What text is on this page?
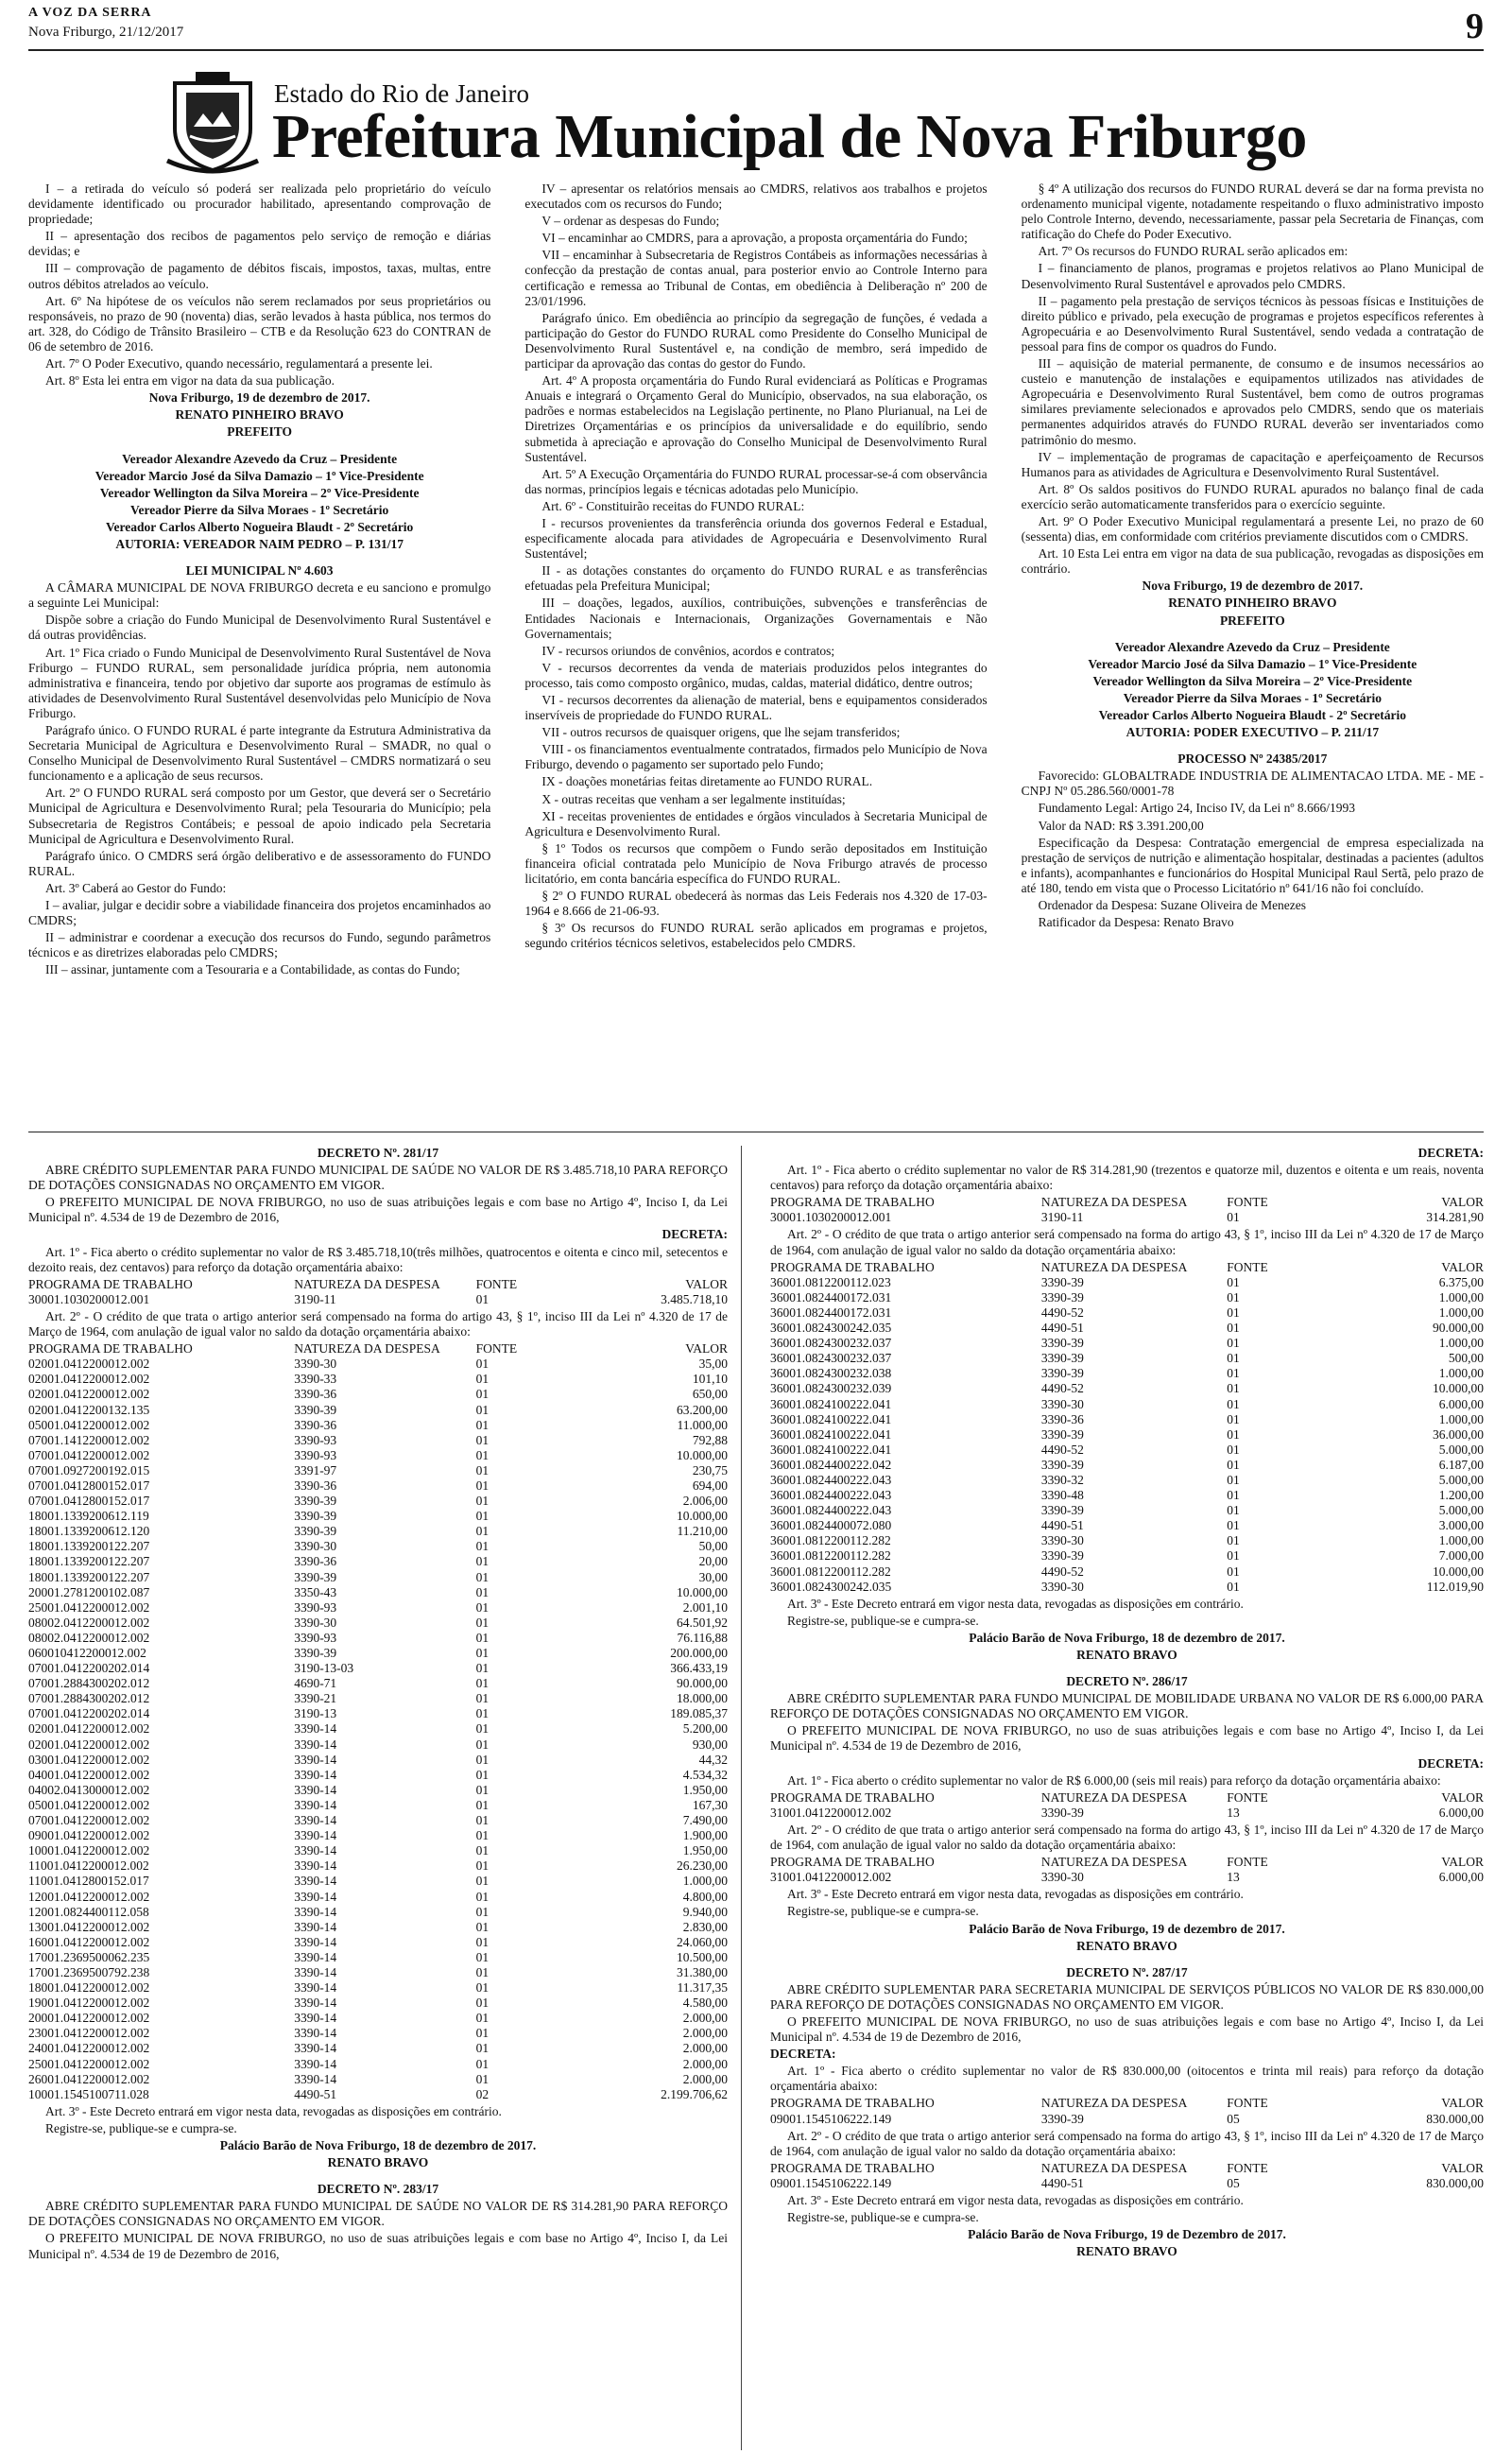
A VOZ DA SERRA
Nova Friburgo, 21/12/2017	9
Estado do Rio de Janeiro
Prefeitura Municipal de Nova Friburgo

I – a retirada do veículo só poderá ser realizada pelo proprietário do veículo devidamente identificado ou procurador habilitado, apresentando comprovação de propriedade;

II – apresentação dos recibos de pagamentos pelo serviço de remoção e diárias devidas; e

III – comprovação de pagamento de débitos fiscais, impostos, taxas, multas, entre outros débitos atrelados ao veículo.

Art. 6º Na hipótese de os veículos não serem reclamados por seus proprietários ou responsáveis, no prazo de 90 (noventa) dias, serão levados à hasta pública, nos termos do art. 328, do Código de Trânsito Brasileiro – CTB e da Resolução 623 do CONTRAN de 06 de setembro de 2016.

Art. 7º O Poder Executivo, quando necessário, regulamentará a presente lei.

Art. 8º Esta lei entra em vigor na data da sua publicação.

Nova Friburgo, 19 de dezembro de 2017.

RENATO PINHEIRO BRAVO

PREFEITO

Vereador Alexandre Azevedo da Cruz – Presidente

Vereador Marcio José da Silva Damazio – 1º Vice-Presidente

Vereador Wellington da Silva Moreira – 2º Vice-Presidente

Vereador Pierre da Silva Moraes - 1º Secretário

Vereador Carlos Alberto Nogueira Blaudt - 2º Secretário

AUTORIA: VEREADOR NAIM PEDRO – P. 131/17

LEI MUNICIPAL Nº 4.603

A CÂMARA MUNICIPAL DE NOVA FRIBURGO decreta e eu sanciono e promulgo a seguinte Lei Municipal:

Dispõe sobre a criação do Fundo Municipal de Desenvolvimento Rural Sustentável e dá outras providências.

Art. 1º Fica criado o Fundo Municipal de Desenvolvimento Rural Sustentável de Nova Friburgo – FUNDO RURAL, sem personalidade jurídica própria, nem autonomia administrativa e financeira, tendo por objetivo dar suporte aos programas de estímulo às atividades de Desenvolvimento Rural Sustentável desenvolvidas pelo Município de Nova Friburgo.

Parágrafo único. O FUNDO RURAL é parte integrante da Estrutura Administrativa da Secretaria Municipal de Agricultura e Desenvolvimento Rural – SMADR, no qual o Conselho Municipal de Desenvolvimento Rural Sustentável – CMDRS normatizará o seu funcionamento e a aplicação de seus recursos.

Art. 2º O FUNDO RURAL será composto por um Gestor, que deverá ser o Secretário Municipal de Agricultura e Desenvolvimento Rural; pela Tesouraria do Município; pela Subsecretaria de Registros Contábeis; e pessoal de apoio indicado pela Secretaria Municipal de Agricultura e Desenvolvimento Rural.

Parágrafo único. O CMDRS será órgão deliberativo e de assessoramento do FUNDO RURAL.

Art. 3º Caberá ao Gestor do Fundo:

I – avaliar, julgar e decidir sobre a viabilidade financeira dos projetos encaminhados ao CMDRS;

II – administrar e coordenar a execução dos recursos do Fundo, segundo parâmetros técnicos e as diretrizes elaboradas pelo CMDRS;

III – assinar, juntamente com a Tesouraria e a Contabilidade, as contas do Fundo;

IV – apresentar os relatórios mensais ao CMDRS, relativos aos trabalhos e projetos executados com os recursos do Fundo;

V – ordenar as despesas do Fundo;

VI – encaminhar ao CMDRS, para a aprovação, a proposta orçamentária do Fundo;

VII – encaminhar à Subsecretaria de Registros Contábeis as informações necessárias à confecção da prestação de contas anual, para posterior envio ao Controle Interno para certificação e remessa ao Tribunal de Contas, em obediência à Deliberação nº 200 de 23/01/1996.

Parágrafo único. Em obediência ao princípio da segregação de funções, é vedada a participação do Gestor do FUNDO RURAL como Presidente do Conselho Municipal de Desenvolvimento Rural Sustentável e, na condição de membro, será impedido de participar da aprovação das contas do gestor do Fundo.

Art. 4º A proposta orçamentária do Fundo Rural evidenciará as Políticas e Programas Anuais e integrará o Orçamento Geral do Município, observados, na sua elaboração, os padrões e normas estabelecidos na Legislação pertinente, no Plano Plurianual, na Lei de Diretrizes Orçamentárias e os princípios da universalidade e do equilíbrio, sendo submetida à apreciação e aprovação do Conselho Municipal de Desenvolvimento Rural Sustentável.

Art. 5º A Execução Orçamentária do FUNDO RURAL processar-se-á com observância das normas, princípios legais e técnicas adotadas pelo Município.

Art. 6º - Constituirão receitas do FUNDO RURAL:

I - recursos provenientes da transferência oriunda dos governos Federal e Estadual, especificamente alocada para atividades de Agropecuária e Desenvolvimento Rural Sustentável;

II - as dotações constantes do orçamento do FUNDO RURAL e as transferências efetuadas pela Prefeitura Municipal;

III – doações, legados, auxílios, contribuições, subvenções e transferências de Entidades Nacionais e Internacionais, Organizações Governamentais e Não Governamentais;

IV - recursos oriundos de convênios, acordos e contratos;

V - recursos decorrentes da venda de materiais produzidos pelos integrantes do processo, tais como composto orgânico, mudas, caldas, material didático, dentre outros;

VI - recursos decorrentes da alienação de material, bens e equipamentos considerados inservíveis de propriedade do FUNDO RURAL.

VII - outros recursos de quaisquer origens, que lhe sejam transferidos;

VIII - os financiamentos eventualmente contratados, firmados pelo Município de Nova Friburgo, devendo o pagamento ser suportado pelo Fundo;

IX - doações monetárias feitas diretamente ao FUNDO RURAL.

X - outras receitas que venham a ser legalmente instituídas;

XI - receitas provenientes de entidades e órgãos vinculados à Secretaria Municipal de Agricultura e Desenvolvimento Rural.

§ 1º Todos os recursos que compõem o Fundo serão depositados em Instituição financeira oficial contratada pelo Município de Nova Friburgo através de processo licitatório, em conta bancária específica do FUNDO RURAL.

§ 2º O FUNDO RURAL obedecerá às normas das Leis Federais nos 4.320 de 17-03-1964 e 8.666 de 21-06-93.

§ 3º Os recursos do FUNDO RURAL serão aplicados em programas e projetos, segundo critérios técnicos seletivos, estabelecidos pelo CMDRS.

§ 4º A utilização dos recursos do FUNDO RURAL deverá se dar na forma prevista no ordenamento municipal vigente, notadamente respeitando o fluxo administrativo imposto pelo Controle Interno, devendo, necessariamente, passar pela Secretaria de Finanças, com ratificação do Chefe do Poder Executivo.

Art. 7º Os recursos do FUNDO RURAL serão aplicados em:

I – financiamento de planos, programas e projetos relativos ao Plano Municipal de Desenvolvimento Rural Sustentável e aprovados pelo CMDRS.

II – pagamento pela prestação de serviços técnicos às pessoas físicas e Instituições de direito público e privado, pela execução de programas e projetos específicos referentes à Agropecuária e ao Desenvolvimento Rural Sustentável, sendo vedada a contratação de pessoal para fins de compor os quadros do Fundo.

III – aquisição de material permanente, de consumo e de insumos necessários ao custeio e manutenção de instalações e equipamentos utilizados nas atividades de Agropecuária e Desenvolvimento Rural Sustentável, bem como de outros programas similares previamente selecionados e aprovados pelo CMDRS, sendo que os materiais permanentes adquiridos através do FUNDO RURAL deverão ser inventariados como patrimônio do mesmo.

IV – implementação de programas de capacitação e aperfeiçoamento de Recursos Humanos para as atividades de Agricultura e Desenvolvimento Rural Sustentável.

Art. 8º Os saldos positivos do FUNDO RURAL apurados no balanço final de cada exercício serão automaticamente transferidos para o exercício seguinte.

Art. 9º O Poder Executivo Municipal regulamentará a presente Lei, no prazo de 60 (sessenta) dias, em conformidade com critérios previamente discutidos com o CMDRS.

Art. 10 Esta Lei entra em vigor na data de sua publicação, revogadas as disposições em contrário.

Nova Friburgo, 19 de dezembro de 2017.

RENATO PINHEIRO BRAVO

PREFEITO

Vereador Alexandre Azevedo da Cruz – Presidente

Vereador Marcio José da Silva Damazio – 1º Vice-Presidente

Vereador Wellington da Silva Moreira – 2º Vice-Presidente

Vereador Pierre da Silva Moraes - 1º Secretário

Vereador Carlos Alberto Nogueira Blaudt - 2º Secretário

AUTORIA: PODER EXECUTIVO – P. 211/17

PROCESSO Nº 24385/2017

Favorecido: GLOBALTRADE INDUSTRIA DE ALIMENTACAO LTDA. ME - ME - CNPJ Nº 05.286.560/0001-78

Fundamento Legal: Artigo 24, Inciso IV, da Lei nº 8.666/1993

Valor da NAD: R$ 3.391.200,00

Especificação da Despesa: Contratação emergencial de empresa especializada na prestação de serviços de nutrição e alimentação hospitalar, destinadas a pacientes (adultos e infants), acompanhantes e funcionários do Hospital Municipal Raul Sertã, pelo prazo de até 180, tendo em vista que o Processo Licitatório nº 641/16 não foi concluído.

Ordenador da Despesa: Suzane Oliveira de Menezes

Ratificador da Despesa: Renato Bravo

DECRETO Nº. 281/17

ABRE CRÉDITO SUPLEMENTAR PARA FUNDO MUNICIPAL DE SAÚDE NO VALOR DE R$ 3.485.718,10 PARA REFORÇO DE DOTAÇÕES CONSIGNADAS NO ORÇAMENTO EM VIGOR.

O PREFEITO MUNICIPAL DE NOVA FRIBURGO, no uso de suas atribuições legais e com base no Artigo 4º, Inciso I, da Lei Municipal nº. 4.534 de 19 de Dezembro de 2016,

DECRETA:

Art. 1º - Fica aberto o crédito suplementar no valor de R$ 3.485.718,10(três milhões, quatrocentos e oitenta e cinco mil, setecentos e dezoito reais, dez centavos) para reforço da dotação orçamentária abaixo:

PROGRAMA DE TRABALHO	NATUREZA DA DESPESA	FONTE	VALOR
30001.1030200012.001	3190-11	01	3.485.718,10

Art. 2º - O crédito de que trata o artigo anterior será compensado na forma do artigo 43, § 1º, inciso III da Lei nº 4.320 de 17 de Março de 1964, com anulação de igual valor no saldo da dotação orçamentária abaixo:

PROGRAMA DE TRABALHO	NATUREZA DA DESPESA	FONTE	VALOR
02001.0412200012.002	3390-30	01	35,00
02001.0412200012.002	3390-33	01	101,10
02001.0412200012.002	3390-36	01	650,00
02001.0412200132.135	3390-39	01	63.200,00
05001.0412200012.002	3390-36	01	11.000,00
07001.1412200012.002	3390-93	01	792,88
07001.0412200012.002	3390-93	01	10.000,00
07001.0927200192.015	3391-97	01	230,75
07001.0412800152.017	3390-36	01	694,00
07001.0412800152.017	3390-39	01	2.006,00
18001.1339200612.119	3390-39	01	10.000,00
18001.1339200612.120	3390-39	01	11.210,00
18001.1339200122.207	3390-30	01	50,00
18001.1339200122.207	3390-36	01	20,00
18001.1339200122.207	3390-39	01	30,00
20001.2781200102.087	3350-43	01	10.000,00
25001.0412200012.002	3390-93	01	2.001,10
08002.0412200012.002	3390-30	01	64.501,92
08002.0412200012.002	3390-93	01	76.116,88
060010412200012.002	3390-39	01	200.000,00
07001.0412200202.014	3190-13-03	01	366.433,19
07001.2884300202.012	4690-71	01	90.000,00
07001.2884300202.012	3390-21	01	18.000,00
07001.0412200202.014	3190-13	01	189.085,37
02001.0412200012.002	3390-14	01	5.200,00
02001.0412200012.002	3390-14	01	930,00
03001.0412200012.002	3390-14	01	44,32
04001.0412200012.002	3390-14	01	4.534,32
04002.0413000012.002	3390-14	01	1.950,00
05001.0412200012.002	3390-14	01	167,30
07001.0412200012.002	3390-14	01	7.490,00
09001.0412200012.002	3390-14	01	1.900,00
10001.0412200012.002	3390-14	01	1.950,00
11001.0412200012.002	3390-14	01	26.230,00
11001.0412800152.017	3390-14	01	1.000,00
12001.0412200012.002	3390-14	01	4.800,00
12001.0824400112.058	3390-14	01	9.940,00
13001.0412200012.002	3390-14	01	2.830,00
16001.0412200012.002	3390-14	01	24.060,00
17001.2369500062.235	3390-14	01	10.500,00
17001.2369500792.238	3390-14	01	31.380,00
18001.0412200012.002	3390-14	01	11.317,35
19001.0412200012.002	3390-14	01	4.580,00
20001.0412200012.002	3390-14	01	2.000,00
23001.0412200012.002	3390-14	01	2.000,00
24001.0412200012.002	3390-14	01	2.000,00
25001.0412200012.002	3390-14	01	2.000,00
26001.0412200012.002	3390-14	01	2.000,00
10001.1545100711.028	4490-51	02	2.199.706,62

Art. 3º - Este Decreto entrará em vigor nesta data, revogadas as disposições em contrário.

Registre-se, publique-se e cumpra-se.

Palácio Barão de Nova Friburgo, 18 de dezembro de 2017.

RENATO BRAVO

DECRETO Nº. 283/17

ABRE CRÉDITO SUPLEMENTAR PARA FUNDO MUNICIPAL DE SAÚDE NO VALOR DE R$ 314.281,90 PARA REFORÇO DE DOTAÇÕES CONSIGNADAS NO ORÇAMENTO EM VIGOR.

O PREFEITO MUNICIPAL DE NOVA FRIBURGO, no uso de suas atribuições legais e com base no Artigo 4º, Inciso I, da Lei Municipal nº. 4.534 de 19 de Dezembro de 2016,

DECRETA:

Art. 1º - Fica aberto o crédito suplementar no valor de R$ 314.281,90 (trezentos e quatorze mil, duzentos e oitenta e um reais, noventa centavos) para reforço da dotação orçamentária abaixo:

PROGRAMA DE TRABALHO	NATUREZA DA DESPESA	FONTE	VALOR
30001.1030200012.001	3190-11	01	314.281,90

Art. 2º - O crédito de que trata o artigo anterior será compensado na forma do artigo 43, § 1º, inciso III da Lei nº 4.320 de 17 de Março de 1964, com anulação de igual valor no saldo da dotação orçamentária abaixo:

PROGRAMA DE TRABALHO	NATUREZA DA DESPESA	FONTE	VALOR
36001.0812200112.023	3390-39	01	6.375,00
36001.0824400172.031	3390-39	01	1.000,00
36001.0824400172.031	4490-52	01	1.000,00
36001.0824300242.035	4490-51	01	90.000,00
36001.0824300232.037	3390-39	01	1.000,00
36001.0824300232.037	3390-39	01	500,00
36001.0824300232.038	3390-39	01	1.000,00
36001.0824300232.039	4490-52	01	10.000,00
36001.0824100222.041	3390-30	01	6.000,00
36001.0824100222.041	3390-36	01	1.000,00
36001.0824100222.041	3390-39	01	36.000,00
36001.0824100222.041	4490-52	01	5.000,00
36001.0824400222.042	3390-39	01	6.187,00
36001.0824400222.043	3390-32	01	5.000,00
36001.0824400222.043	3390-48	01	1.200,00
36001.0824400222.043	3390-39	01	5.000,00
36001.0824400072.080	4490-51	01	3.000,00
36001.0812200112.282	3390-30	01	1.000,00
36001.0812200112.282	3390-39	01	7.000,00
36001.0812200112.282	4490-52	01	10.000,00
36001.0824300242.035	3390-30	01	112.019,90

Art. 3º - Este Decreto entrará em vigor nesta data, revogadas as disposições em contrário.

Registre-se, publique-se e cumpra-se.

Palácio Barão de Nova Friburgo, 18 de dezembro de 2017.

RENATO BRAVO

DECRETO Nº. 286/17

ABRE CRÉDITO SUPLEMENTAR PARA FUNDO MUNICIPAL DE MOBILIDADE URBANA NO VALOR DE R$ 6.000,00 PARA REFORÇO DE DOTAÇÕES CONSIGNADAS NO ORÇAMENTO EM VIGOR.

O PREFEITO MUNICIPAL DE NOVA FRIBURGO, no uso de suas atribuições legais e com base no Artigo 4º, Inciso I, da Lei Municipal nº. 4.534 de 19 de Dezembro de 2016,

DECRETA:

Art. 1º - Fica aberto o crédito suplementar no valor de R$ 6.000,00 (seis mil reais) para reforço da dotação orçamentária abaixo:

PROGRAMA DE TRABALHO	NATUREZA DA DESPESA	FONTE	VALOR
31001.0412200012.002	3390-39	13	6.000,00

Art. 2º - O crédito de que trata o artigo anterior será compensado na forma do artigo 43, § 1º, inciso III da Lei nº 4.320 de 17 de Março de 1964, com anulação de igual valor no saldo da dotação orçamentária abaixo:

PROGRAMA DE TRABALHO	NATUREZA DA DESPESA	FONTE	VALOR
31001.0412200012.002	3390-30	13	6.000,00

Art. 3º - Este Decreto entrará em vigor nesta data, revogadas as disposições em contrário.

Registre-se, publique-se e cumpra-se.

Palácio Barão de Nova Friburgo, 19 de dezembro de 2017.

RENATO BRAVO

DECRETO Nº. 287/17

ABRE CRÉDITO SUPLEMENTAR PARA SECRETARIA MUNICIPAL DE SERVIÇOS PÚBLICOS NO VALOR DE R$ 830.000,00 PARA REFORÇO DE DOTAÇÕES CONSIGNADAS NO ORÇAMENTO EM VIGOR.

O PREFEITO MUNICIPAL DE NOVA FRIBURGO, no uso de suas atribuições legais e com base no Artigo 4º, Inciso I, da Lei Municipal nº. 4.534 de 19 de Dezembro de 2016,

DECRETA:

Art. 1º - Fica aberto o crédito suplementar no valor de R$ 830.000,00 (oitocentos e trinta mil reais) para reforço da dotação orçamentária abaixo:

PROGRAMA DE TRABALHO	NATUREZA DA DESPESA	FONTE	VALOR
09001.1545106222.149	3390-39	05	830.000,00

Art. 2º - O crédito de que trata o artigo anterior será compensado na forma do artigo 43, § 1º, inciso III da Lei nº 4.320 de 17 de Março de 1964, com anulação de igual valor no saldo da dotação orçamentária abaixo:

PROGRAMA DE TRABALHO	NATUREZA DA DESPESA	FONTE	VALOR
09001.1545106222.149	4490-51	05	830.000,00

Art. 3º - Este Decreto entrará em vigor nesta data, revogadas as disposições em contrário.

Registre-se, publique-se e cumpra-se.

Palácio Barão de Nova Friburgo, 19 de Dezembro de 2017.

RENATO BRAVO
